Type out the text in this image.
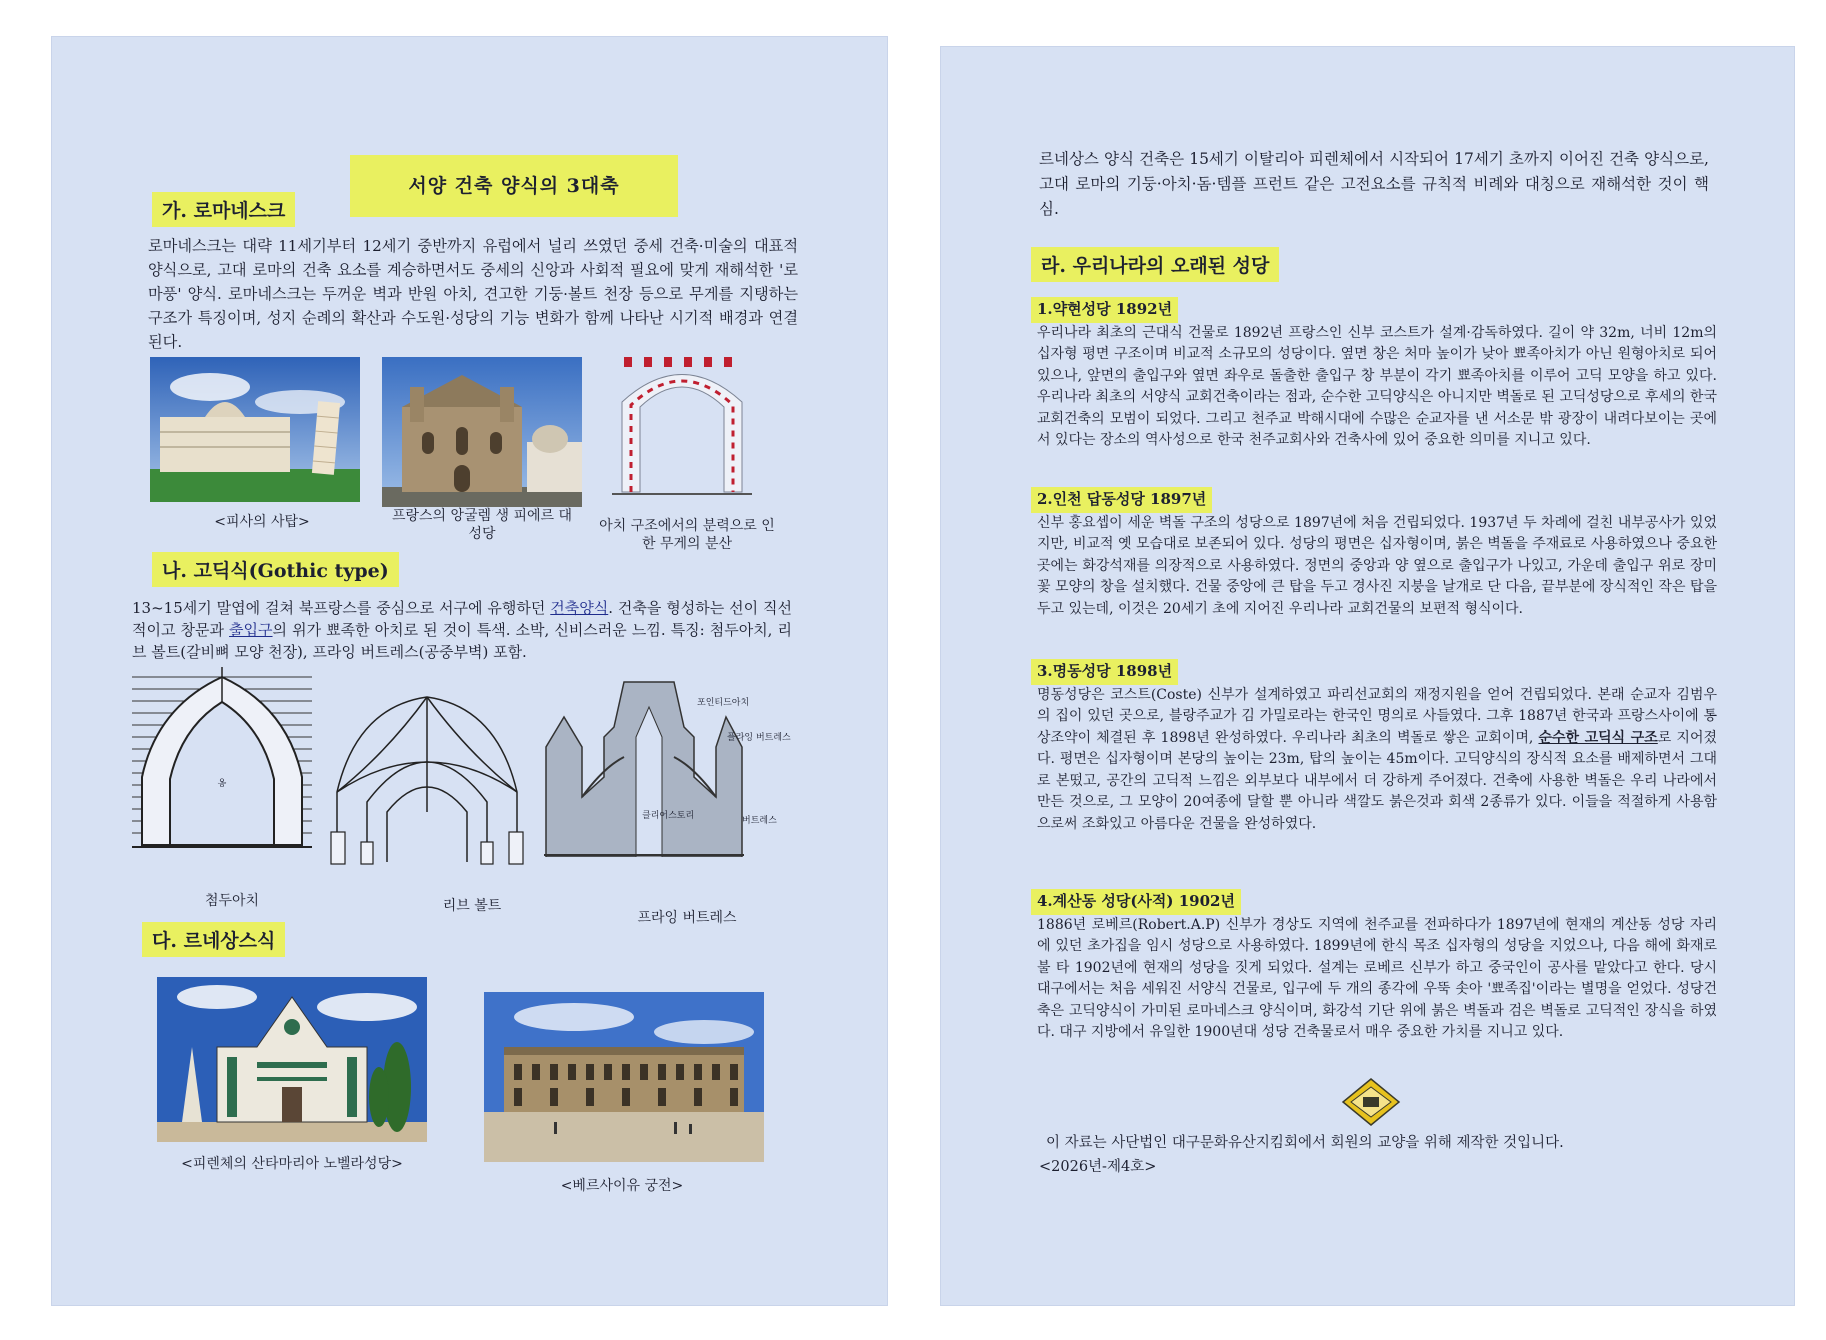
서양 건축 양식의 3대축
가. 로마네스크
로마네스크는 대략 11세기부터 12세기 중반까지 유럽에서 널리 쓰였던 중세 건축·미술의 대표적 양식으로, 고대 로마의 건축 요소를 계승하면서도 중세의 신앙과 사회적 필요에 맞게 재해석한 '로마풍' 양식. 로마네스크는 두꺼운 벽과 반원 아치, 견고한 기둥·볼트 천장 등으로 무게를 지탱하는 구조가 특징이며, 성지 순례의 확산과 수도원·성당의 기능 변화가 함께 나타난 시기적 배경과 연결된다.
<피사의 사탑>	프랑스의 앙굴렘 생 피에르 대성당	아치 구조에서의 분력으로 인한 무게의 분산
나. 고딕식(Gothic type)
13~15세기 말엽에 걸쳐 북프랑스를 중심으로 서구에 유행하던 건축양식. 건축을 형성하는 선이 직선적이고 창문과 출입구의 위가 뾰족한 아치로 된 것이 특색. 소박, 신비스러운 느낌. 특징: 첨두아치, 리브 볼트(갈비뼈 모양 천장), 프라잉 버트레스(공중부벽) 포함.
옹
포인티드아치
플라잉 버트레스
클리어스토리	버트레스
첨두아치	리브 볼트
프라잉 버트레스
다. 르네상스식
<피렌체의 산타마리아 노벨라성당>
<베르사이유 궁전>
르네상스 양식 건축은 15세기 이탈리아 피렌체에서 시작되어 17세기 초까지 이어진 건축 양식으로, 고대 로마의 기둥·아치·돔·템플 프런트 같은 고전요소를 규칙적 비례와 대칭으로 재해석한 것이 핵심.
라. 우리나라의 오래된 성당
1.약현성당 1892년

우리나라 최초의 근대식 건물로 1892년 프랑스인 신부 코스트가 설계·감독하였다. 길이 약 32m, 너비 12m의 십자형 평면 구조이며 비교적 소규모의 성당이다. 옆면 창은 처마 높이가 낮아 뾰족아치가 아닌 원형아치로 되어 있으나, 앞면의 출입구와 옆면 좌우로 돌출한 출입구 창 부분이 각기 뾰족아치를 이루어 고딕 모양을 하고 있다. 우리나라 최초의 서양식 교회건축이라는 점과, 순수한 고딕양식은 아니지만 벽돌로 된 고딕성당으로 후세의 한국 교회건축의 모범이 되었다. 그리고 천주교 박해시대에 수많은 순교자를 낸 서소문 밖 광장이 내려다보이는 곳에 서 있다는 장소의 역사성으로 한국 천주교회사와 건축사에 있어 중요한 의미를 지니고 있다.

2.인천 답동성당 1897년

신부 홍요셉이 세운 벽돌 구조의 성당으로 1897년에 처음 건립되었다. 1937년 두 차례에 걸친 내부공사가 있었지만, 비교적 옛 모습대로 보존되어 있다. 성당의 평면은 십자형이며, 붉은 벽돌을 주재료로 사용하였으나 중요한 곳에는 화강석재를 의장적으로 사용하였다. 정면의 중앙과 양 옆으로 출입구가 나있고, 가운데 출입구 위로 장미꽃 모양의 창을 설치했다. 건물 중앙에 큰 탑을 두고 경사진 지붕을 날개로 단 다음, 끝부분에 장식적인 작은 탑을 두고 있는데, 이것은 20세기 초에 지어진 우리나라 교회건물의 보편적 형식이다.

3.명동성당 1898년

명동성당은 코스트(Coste) 신부가 설계하였고 파리선교회의 재정지원을 얻어 건립되었다. 본래 순교자 김범우의 집이 있던 곳으로, 블랑주교가 김 가밀로라는 한국인 명의로 사들였다. 그후 1887년 한국과 프랑스사이에 통상조약이 체결된 후 1898년 완성하였다. 우리나라 최초의 벽돌로 쌓은 교회이며, 순수한 고딕식 구조로 지어졌다. 평면은 십자형이며 본당의 높이는 23m, 탑의 높이는 45m이다. 고딕양식의 장식적 요소를 배제하면서 그대로 본떴고, 공간의 고딕적 느낌은 외부보다 내부에서 더 강하게 주어졌다. 건축에 사용한 벽돌은 우리 나라에서 만든 것으로, 그 모양이 20여종에 달할 뿐 아니라 색깔도 붉은것과 회색 2종류가 있다. 이들을 적절하게 사용함으로써 조화있고 아름다운 건물을 완성하였다.

4.계산동 성당(사적) 1902년

1886년 로베르(Robert.A.P) 신부가 경상도 지역에 천주교를 전파하다가 1897년에 현재의 계산동 성당 자리에 있던 초가집을 임시 성당으로 사용하였다. 1899년에 한식 목조 십자형의 성당을 지었으나, 다음 해에 화재로 불 타 1902년에 현재의 성당을 짓게 되었다. 설계는 로베르 신부가 하고 중국인이 공사를 맡았다고 한다. 당시 대구에서는 처음 세워진 서양식 건물로, 입구에 두 개의 종각에 우뚝 솟아 '뾰족집'이라는 별명을 얻었다. 성당건축은 고딕양식이 가미된 로마네스크 양식이며, 화강석 기단 위에 붉은 벽돌과 검은 벽돌로 고딕적인 장식을 하였다. 대구 지방에서 유일한 1900년대 성당 건축물로서 매우 중요한 가치를 지니고 있다.

이 자료는 사단법인 대구문화유산지킴회에서 회원의 교양을 위해 제작한 것입니다.
<2026년-제4호>
